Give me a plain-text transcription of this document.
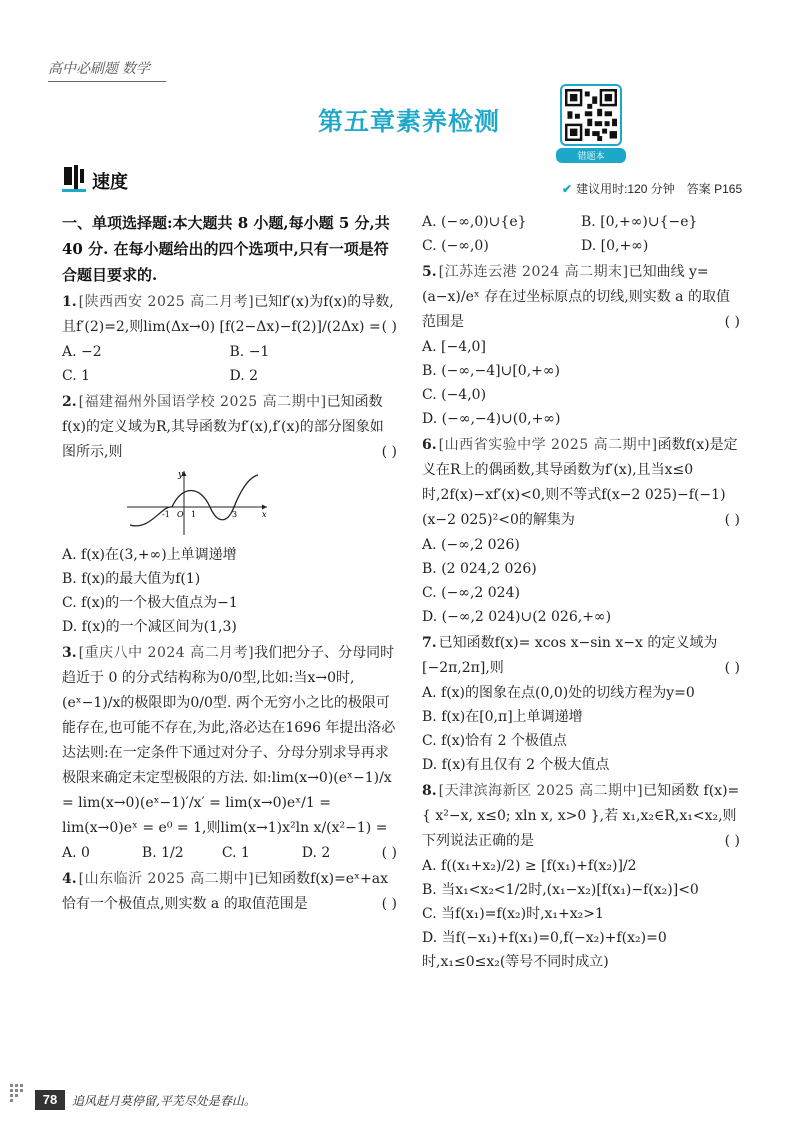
高中必刷题 数学
第五章素养检测
错题本
速度	✔ 建议用时:120 分钟 答案 P165
一、单项选择题:本大题共 8 小题,每小题 5 分,共 40 分. 在每小题给出的四个选项中,只有一项是符合题目要求的.
1. [陕西西安 2025 高二月考]已知f′(x)为f(x)的导数,且f′(2)=2,则lim(Δx→0) [f(2−Δx)−f(2)]/(2Δx) = ( )
A. −2	B. −1
C. 1	D. 2
2. [福建福州外国语学校 2025 高二期中]已知函数f(x)的定义域为R,其导函数为f′(x),f′(x)的部分图象如图所示,则	( )
y
-1 O 1	3	x
A. f(x)在(3,+∞)上单调递增
B. f(x)的最大值为f(1)
C. f(x)的一个极大值点为−1
D. f(x)的一个减区间为(1,3)
3. [重庆八中 2024 高二月考]我们把分子、分母同时趋近于 0 的分式结构称为0/0型,比如:当x→0时,(eˣ−1)/x的极限即为0/0型. 两个无穷小之比的极限可能存在,也可能不存在,为此,洛必达在1696 年提出洛必达法则:在一定条件下通过对分子、分母分别求导再求极限来确定未定型极限的方法. 如:lim(x→0)(eˣ−1)/x = lim(x→0)(eˣ−1)′/x′ = lim(x→0)eˣ/1 = lim(x→0)eˣ = e⁰ = 1,则lim(x→1)x²ln x/(x²−1) =
( )
A. 0	B. 1/2	C. 1	D. 2
4. [山东临沂 2025 高二期中]已知函数f(x)=eˣ+ax 恰有一个极值点,则实数 a 的取值范围是	( )
A. (−∞,0)∪{e}	B. [0,+∞)∪{−e}
C. (−∞,0)	D. [0,+∞)
5. [江苏连云港 2024 高二期末]已知曲线 y=(a−x)/eˣ 存在过坐标原点的切线,则实数 a 的取值范围是	( )
A. [−4,0]
B. (−∞,−4]∪[0,+∞)
C. (−4,0)
D. (−∞,−4)∪(0,+∞)
6. [山西省实验中学 2025 高二期中]函数f(x)是定义在R上的偶函数,其导函数为f′(x),且当x≤0时,2f(x)−xf′(x)<0,则不等式f(x−2 025)−f(−1)(x−2 025)²<0的解集为	( )
A. (−∞,2 026)
B. (2 024,2 026)
C. (−∞,2 024)
D. (−∞,2 024)∪(2 026,+∞)
7. 已知函数f(x)= xcos x−sin x−x 的定义域为[−2π,2π],则	( )
A. f(x)的图象在点(0,0)处的切线方程为y=0
B. f(x)在[0,π]上单调递增
C. f(x)恰有 2 个极值点
D. f(x)有且仅有 2 个极大值点
8. [天津滨海新区 2025 高二期中]已知函数 f(x)= { x²−x, x≤0; xln x, x>0 },若 x₁,x₂∈R,x₁<x₂,则下列说法正确的是	( )
A. f((x₁+x₂)/2) ≥ [f(x₁)+f(x₂)]/2
B. 当x₁<x₂<1/2时,(x₁−x₂)[f(x₁)−f(x₂)]<0
C. 当f(x₁)=f(x₂)时,x₁+x₂>1
D. 当f(−x₁)+f(x₁)=0,f(−x₂)+f(x₂)=0时,x₁≤0≤x₂(等号不同时成立)
78	追风赶月莫停留,平芜尽处是春山。
